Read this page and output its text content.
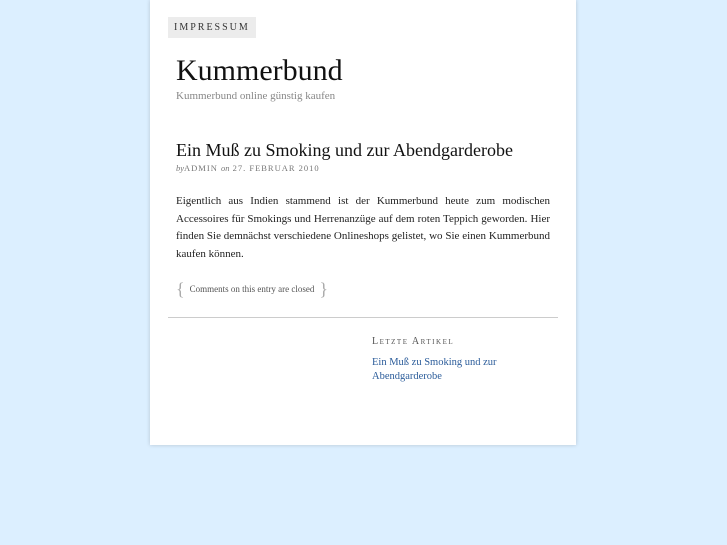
IMPRESSUM
Kummerbund
Kummerbund online günstig kaufen
Ein Muß zu Smoking und zur Abendgarderobe
byADMIN on 27. FEBRUAR 2010

Eigentlich aus Indien stammend ist der Kummerbund heute zum modischen Accessoires für Smokings und Herrenanzüge auf dem roten Teppich geworden. Hier finden Sie demnächst verschiedene Onlineshops gelistet, wo Sie einen Kummerbund kaufen können.

{ Comments on this entry are closed }
Letzte Artikel
Ein Muß zu Smoking und zur Abendgarderobe
